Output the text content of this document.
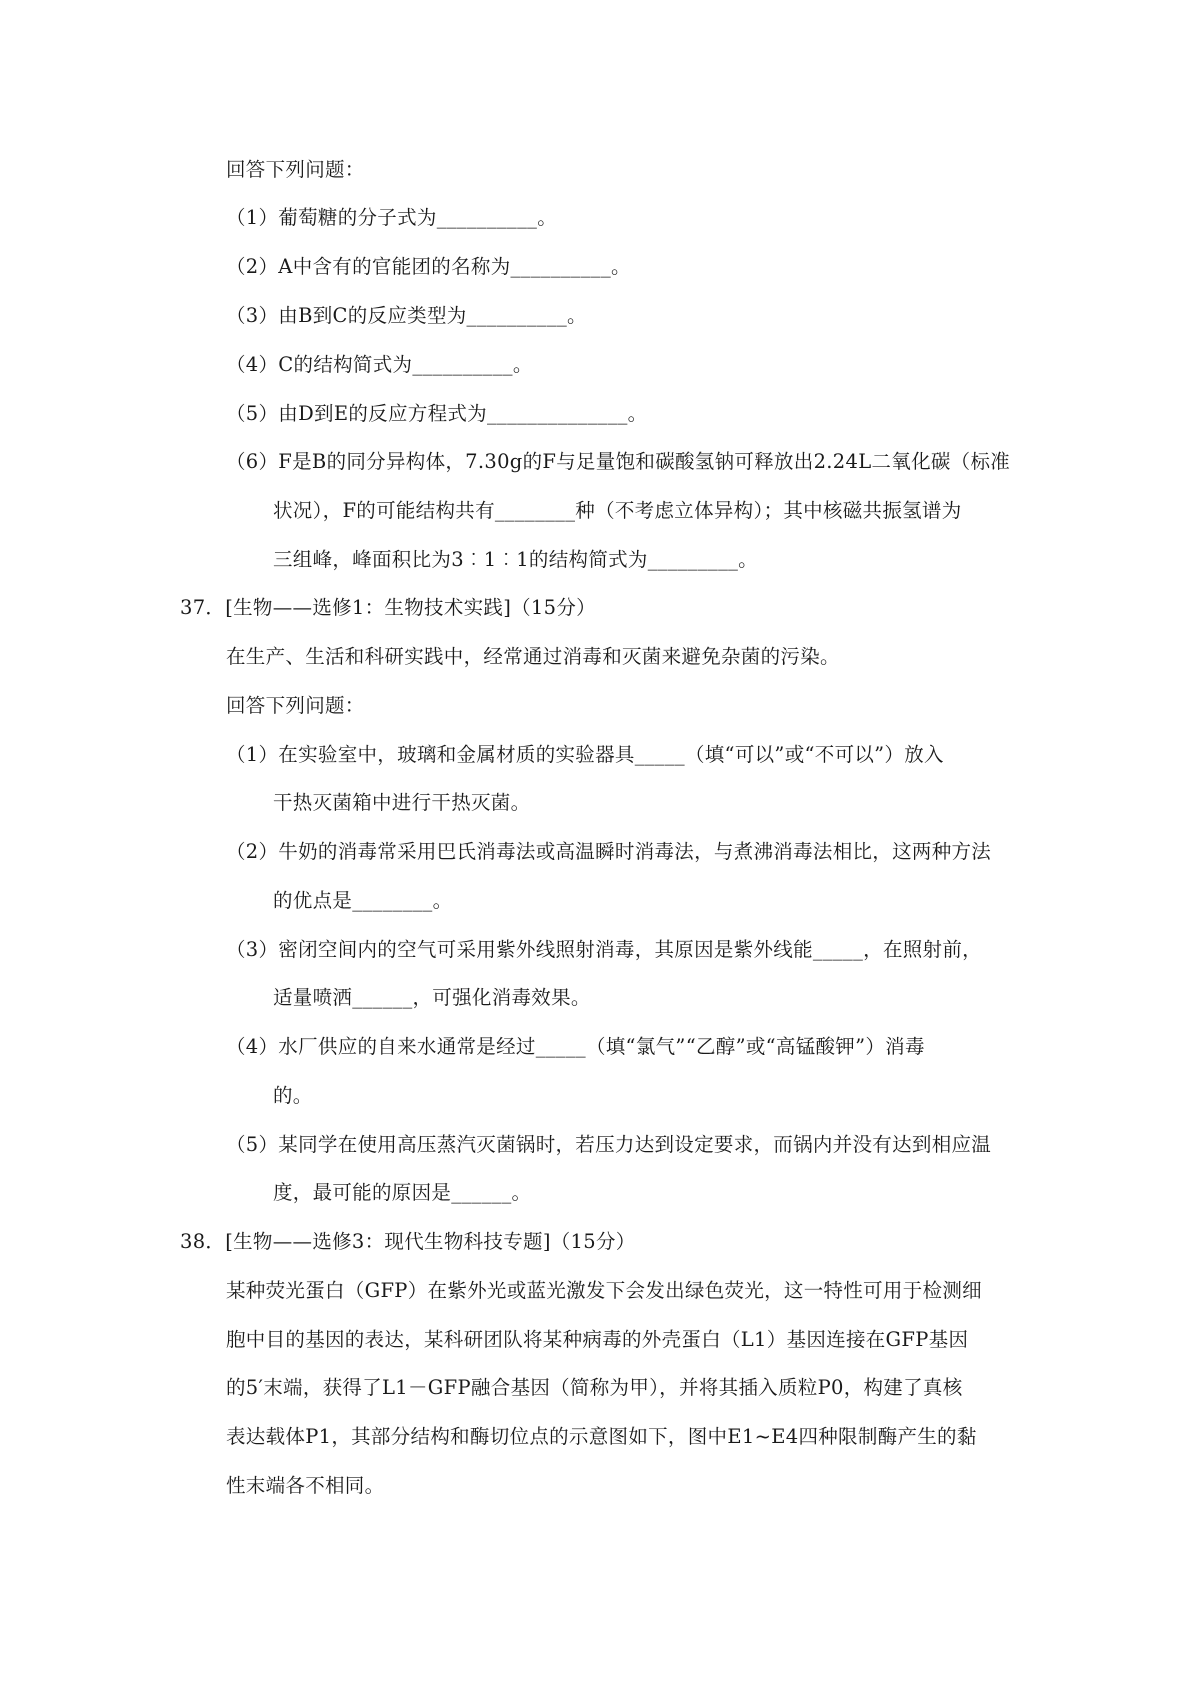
回答下列问题：
（1）葡萄糖的分子式为__________。
（2）A中含有的官能团的名称为__________。
（3）由B到C的反应类型为__________。
（4）C的结构简式为__________。
（5）由D到E的反应方程式为______________。
（6）F是B的同分异构体，7.30g的F与足量饱和碳酸氢钠可释放出2.24L二氧化碳（标准
状况），F的可能结构共有________种（不考虑立体异构）；其中核磁共振氢谱为
三组峰，峰面积比为3︰1︰1的结构简式为_________。
37．[生物——选修1：生物技术实践]（15分）
在生产、生活和科研实践中，经常通过消毒和灭菌来避免杂菌的污染。
回答下列问题：
（1）在实验室中，玻璃和金属材质的实验器具_____（填“可以”或“不可以”）放入
干热灭菌箱中进行干热灭菌。
（2）牛奶的消毒常采用巴氏消毒法或高温瞬时消毒法，与煮沸消毒法相比，这两种方法
的优点是________。
（3）密闭空间内的空气可采用紫外线照射消毒，其原因是紫外线能_____，在照射前，
适量喷洒______，可强化消毒效果。
（4）水厂供应的自来水通常是经过_____（填“氯气”“乙醇”或“高锰酸钾”）消毒
的。
（5）某同学在使用高压蒸汽灭菌锅时，若压力达到设定要求，而锅内并没有达到相应温
度，最可能的原因是______。
38．[生物——选修3：现代生物科技专题]（15分）
某种荧光蛋白（GFP）在紫外光或蓝光激发下会发出绿色荧光，这一特性可用于检测细
胞中目的基因的表达，某科研团队将某种病毒的外壳蛋白（L1）基因连接在GFP基因
的5′末端，获得了L1－GFP融合基因（简称为甲），并将其插入质粒P0，构建了真核
表达载体P1，其部分结构和酶切位点的示意图如下，图中E1~E4四种限制酶产生的黏
性末端各不相同。
